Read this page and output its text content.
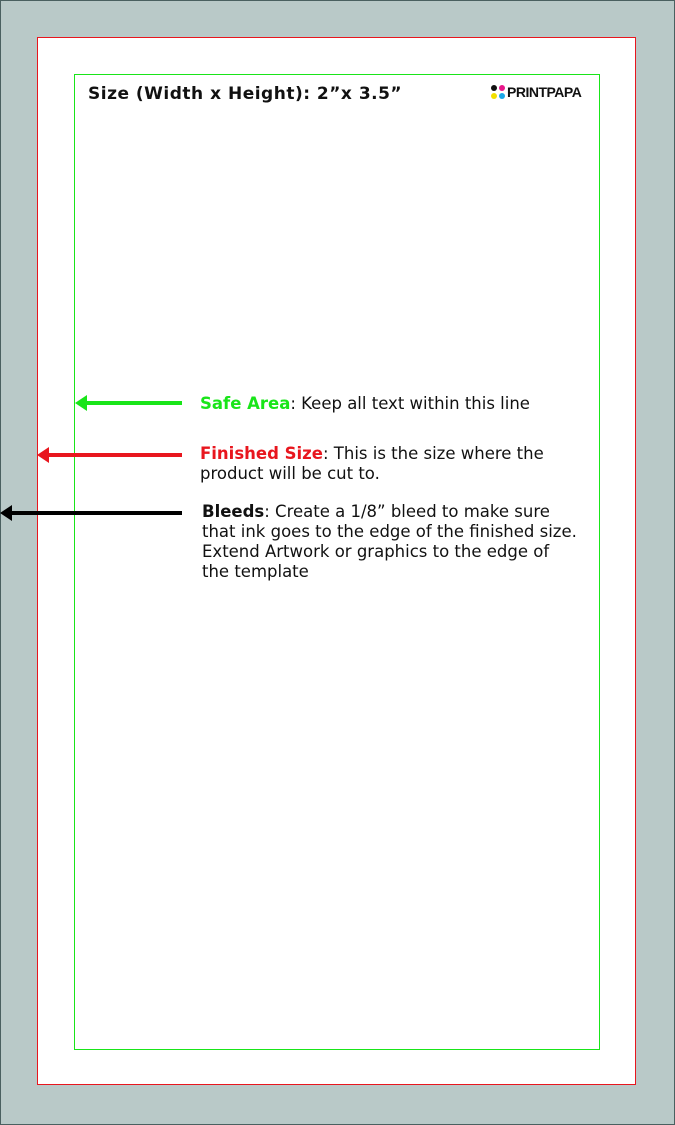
Size (Width x Height): 2”x 3.5”	PRINTPAPA
Safe Area: Keep all text within this line
Finished Size: This is the size where the
product will be cut to.
Bleeds: Create a 1/8” bleed to make sure
that ink goes to the edge of the finished size.
Extend Artwork or graphics to the edge of
the template
